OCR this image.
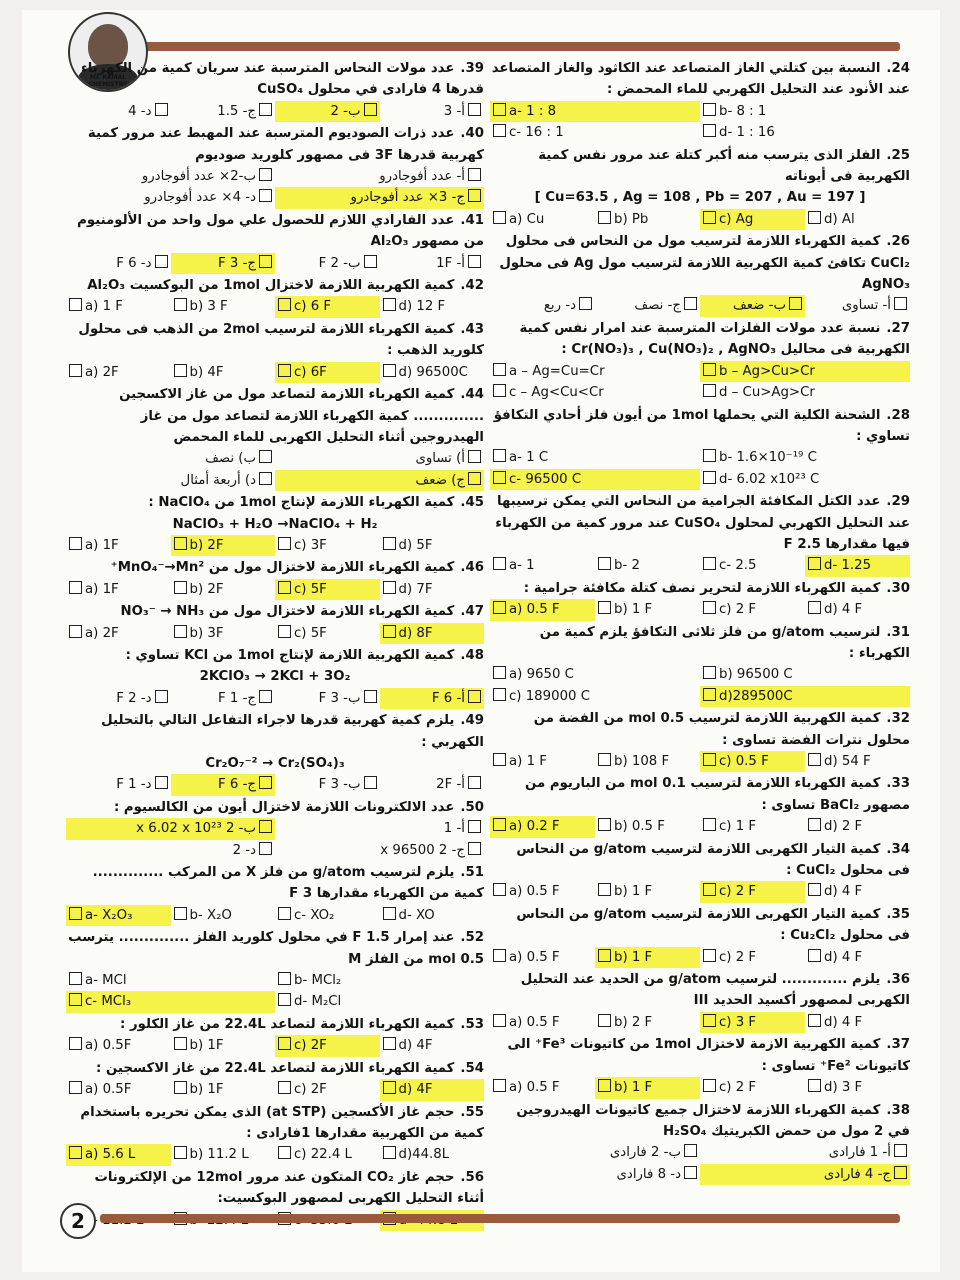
Mr. KAMAL CHEMISTRY
24.النسبة بين كتلتي الغاز المتصاعد عند الكاثود والغاز المتصاعد عند الأنود عند التحليل الكهربي للماء المحمض :
a- 1 : 8	b- 8 : 1
c- 16 : 1	d- 1 : 16
25.الفلز الذى يترسب منه أكبر كتلة عند مرور نفس كمية الكهربية فى أيوناته
[ Cu=63.5 , Ag = 108 , Pb = 207 , Au = 197 ]
a) Cu	b) Pb	c) Ag	d) Al
26.كمية الكهرباء اللازمة لترسيب مول من النحاس فى محلول CuCl₂ تكافئ كمية الكهربية اللازمة لترسيب مول Ag فى محلول AgNO₃
أ- تساوى
ب- ضعف
ج- نصف
د- ربع
27.نسبة عدد مولات الفلزات المترسبة عند امرار نفس كمية الكهربية فى محاليل Cr(NO₃)₃ , Cu(NO₃)₂ , AgNO₃ :
a – Ag=Cu=Cr	b – Ag>Cu>Cr
c – Ag<Cu<Cr	d – Cu>Ag>Cr
28.الشحنة الكلية التي يحملها 1mol من أيون فلز أحادي التكافؤ تساوي :
a- 1 C	b- 1.6×10⁻¹⁹ C
c- 96500 C	d- 6.02 x10²³ C
29.عدد الكتل المكافئة الجرامية من النحاس التي يمكن ترسيبها عند التحليل الكهربي لمحلول CuSO₄ عند مرور كمية من الكهرباء فيها مقدارها 2.5 F
a- 1	b- 2	c- 2.5	d- 1.25
30.كمية الكهرباء اللازمة لتحرير نصف كتلة مكافئة جرامية :
a) 0.5 F	b) 1 F	c) 2 F	d) 4 F
31.لترسيب g/atom من فلز ثلاثى التكافؤ يلزم كمية من الكهرباء :
a) 9650 C	b) 96500 C
c) 189000 C	d)289500C
32.كمية الكهربية اللازمة لترسيب 0.5 mol من الفضة من محلول نترات الفضة تساوى :
a) 1 F	b) 108 F	c) 0.5 F	d) 54 F
33.كمية الكهرباء اللازمة لترسيب 0.1 mol من الباريوم من مصهور BaCl₂ تساوى :
a) 0.2 F	b) 0.5 F	c) 1 F	d) 2 F
34.كمية التيار الكهربى اللازمة لترسيب g/atom من النحاس فى محلول CuCl₂ :
a) 0.5 F	b) 1 F	c) 2 F	d) 4 F
35.كمية التيار الكهربى اللازمة لترسيب g/atom من النحاس فى محلول Cu₂Cl₂ :
a) 0.5 F	b) 1 F	c) 2 F	d) 4 F
36.يلزم ............. لترسيب g/atom من الحديد عند التحليل الكهربى لمصهور أكسيد الحديد III
a) 0.5 F	b) 2 F	c) 3 F	d) 4 F
37.كمية الكهربية الازمة لاختزال 1mol من كاتيونات Fe³⁺ الى كاتيونات Fe²⁺ تساوى :
a) 0.5 F	b) 1 F	c) 2 F	d) 3 F
38.كمية الكهرباء اللازمة لاختزال جميع كاتيونات الهيدروجين في 2 مول من حمض الكبريتيك H₂SO₄
أ- 1 فارادى
ب- 2 فارادى
ج- 4 فارادى
د- 8 فارادى
39.عدد مولات النحاس المترسبة عند سريان كمية من الكهرباء قدرها 4 فارادى في محلول CuSO₄
أ- 3
ب- 2
ج- 1.5
د- 4
40.عدد ذرات الصوديوم المترسبة عند المهبط عند مرور كمية كهربية قدرها 3F فى مصهور كلوريد صوديوم
أ- عدد أفوجادرو
ب-2× عدد أفوجادرو
ج- 3× عدد أفوجادرو
د- 4× عدد أفوجادرو
41.عدد الفارادي اللازم للحصول علي مول واحد من الألومنيوم من مصهور Al₂O₃
أ- 1F
ب- 2 F
ج- 3 F
د- 6 F
42.كمية الكهربية اللازمة لاختزال 1mol من البوكسيت Al₂O₃
a) 1 F	b) 3 F	c) 6 F	d) 12 F
43.كمية الكهرباء اللازمة لترسيب 2mol من الذهب فى محلول كلوريد الذهب :
a) 2F	b) 4F	c) 6F	d) 96500C
44.كمية الكهرباء اللازمة لتصاعد مول من غاز الاكسجين .............. كمية الكهرباء اللازمة لتصاعد مول من غاز الهيدروجين أثناء التحليل الكهربى للماء المحمض
أ) تساوى
ب) نصف
ج) ضعف
د) أربعة أمثال
45.كمية الكهرباء اللازمة لإنتاج 1mol من NaClO₄ :
NaClO₃ + H₂O →NaClO₄ + H₂
a) 1F	b) 2F	c) 3F	d) 5F
46.كمية الكهرباء اللازمة لاختزال مول من MnO₄⁻→Mn²⁺
a) 1F	b) 2F	c) 5F	d) 7F
47.كمية الكهرباء اللازمة لاختزال مول من NO₃⁻ → NH₃
a) 2F	b) 3F	c) 5F	d) 8F
48.كمية الكهربية اللازمة لإنتاج 1mol من KCl تساوي :
2KClO₃ → 2KCl + 3O₂
أ- 6 F
ب- 3 F
ج- 1 F
د- 2 F
49.يلزم كمية كهربية قدرها لاجراء التفاعل التالي بالتحليل الكهربي :
Cr₂O₇⁻² → Cr₂(SO₄)₃
أ- 2F
ب- 3 F
ج- 6 F
د- 1 F
50.عدد الالكترونات اللازمة لاختزال أيون من الكالسيوم :
أ- 1
ب- 2 x 6.02 x 10²³
ج- 2 x 96500
د- 2
51.يلزم لترسيب g/atom من فلز X من المركب .............. كمية من الكهرباء مقدارها 3 F
a- X₂O₃	b- X₂O	c- XO₂	d- XO
52.عند إمرار 1.5 F في محلول كلوريد الفلز .............. يترسب 0.5 mol من الفلز M
a- MCl	b- MCl₂
c- MCl₃	d- M₂Cl
53.كمية الكهرباء اللازمة لتصاعد 22.4L من غاز الكلور :
a) 0.5F	b) 1F	c) 2F	d) 4F
54.كمية الكهرباء اللازمة لتصاعد 22.4L من غاز الاكسجين :
a) 0.5F	b) 1F	c) 2F	d) 4F
55.حجم غاز الأكسجين (at STP) الذى يمكن تحريره باستخدام كمية من الكهربية مقدارها 1فارادى :
a) 5.6 L	b) 11.2 L	c) 22.4 L	d)44.8L
56.حجم غاز CO₂ المتكون عند مرور 12mol من الإلكترونات أثناء التحليل الكهربى لمصهور البوكسيت:
2
